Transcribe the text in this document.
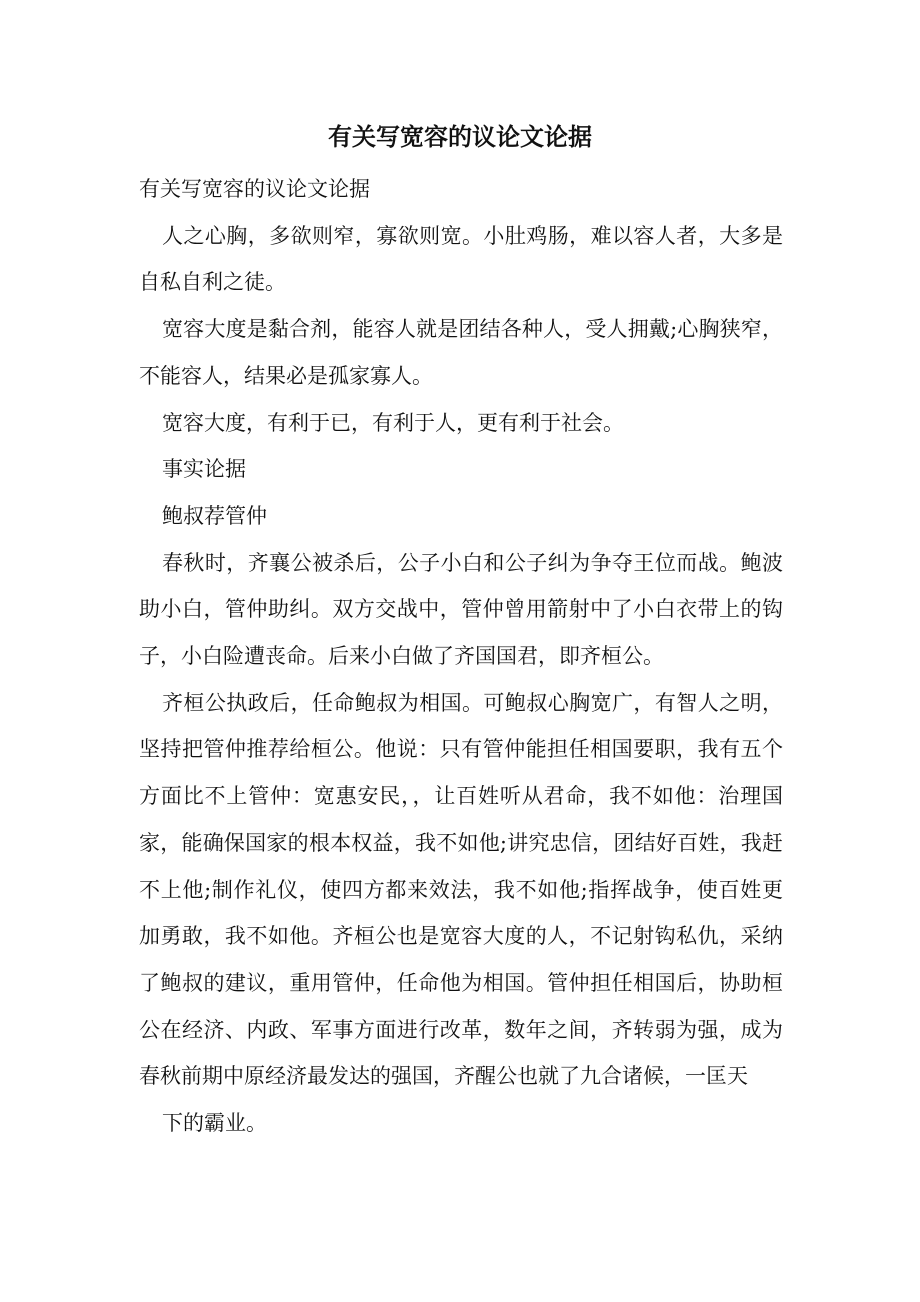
有关写宽容的议论文论据

有关写宽容的议论文论据

人之心胸，多欲则窄，寡欲则宽。小肚鸡肠，难以容人者，大多是自私自利之徒。

宽容大度是黏合剂，能容人就是团结各种人，受人拥戴;心胸狭窄，不能容人，结果必是孤家寡人。

宽容大度，有利于已，有利于人，更有利于社会。

事实论据

鲍叔荐管仲

春秋时，齐襄公被杀后，公子小白和公子纠为争夺王位而战。鲍波助小白，管仲助纠。双方交战中，管仲曾用箭射中了小白衣带上的钩子，小白险遭丧命。后来小白做了齐国国君，即齐桓公。

齐桓公执政后，任命鲍叔为相国。可鲍叔心胸宽广，有智人之明，坚持把管仲推荐给桓公。他说：只有管仲能担任相国要职，我有五个方面比不上管仲：宽惠安民，，让百姓听从君命，我不如他：治理国家，能确保国家的根本权益，我不如他;讲究忠信，团结好百姓，我赶不上他;制作礼仪，使四方都来效法，我不如他;指挥战争，使百姓更加勇敢，我不如他。齐桓公也是宽容大度的人，不记射钩私仇，采纳了鲍叔的建议，重用管仲，任命他为相国。管仲担任相国后，协助桓公在经济、内政、军事方面进行改革，数年之间，齐转弱为强，成为春秋前期中原经济最发达的强国，齐醒公也就了九合诸候，一匡天

下的霸业。
